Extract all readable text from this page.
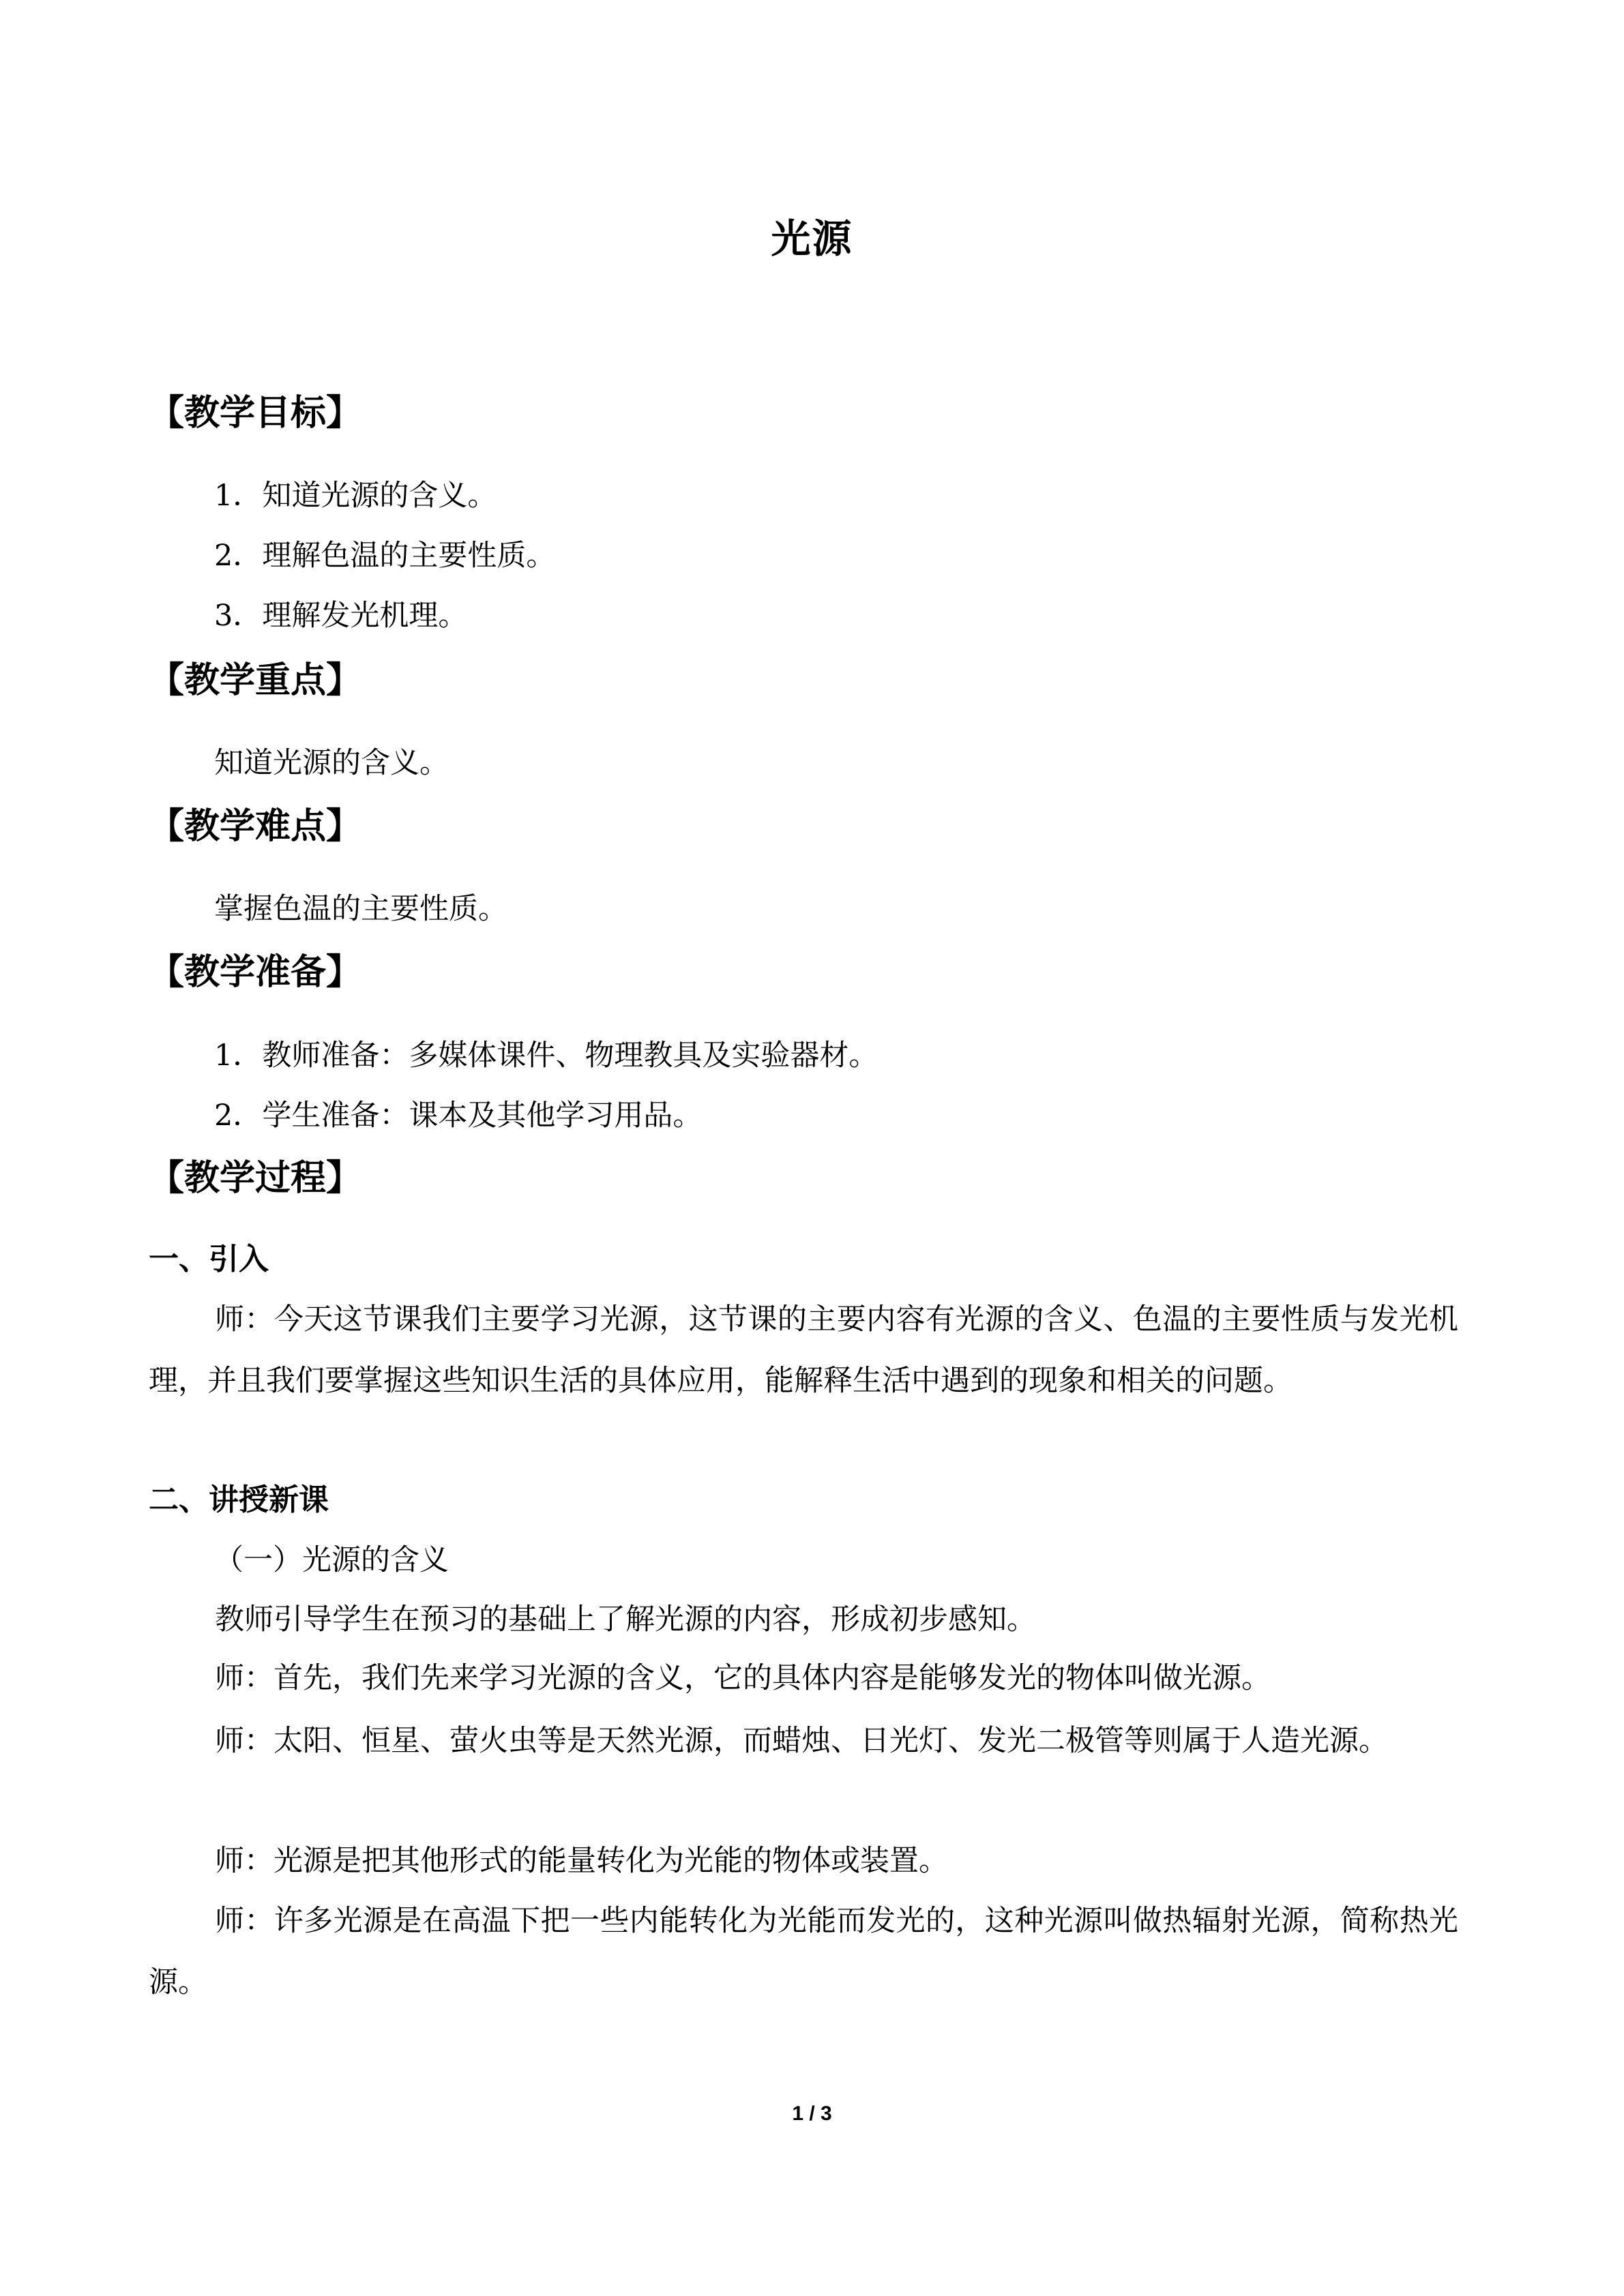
光源
【教学目标】
1．知道光源的含义。
2．理解色温的主要性质。
3．理解发光机理。
【教学重点】
知道光源的含义。
【教学难点】
掌握色温的主要性质。
【教学准备】
1．教师准备：多媒体课件、物理教具及实验器材。
2．学生准备：课本及其他学习用品。
【教学过程】
一、引入
师：今天这节课我们主要学习光源，这节课的主要内容有光源的含义、色温的主要性质与发光机理，并且我们要掌握这些知识生活的具体应用，能解释生活中遇到的现象和相关的问题。
二、讲授新课
（一）光源的含义
教师引导学生在预习的基础上了解光源的内容，形成初步感知。
师：首先，我们先来学习光源的含义，它的具体内容是能够发光的物体叫做光源。
师：太阳、恒星、萤火虫等是天然光源，而蜡烛、日光灯、发光二极管等则属于人造光源。
师：光源是把其他形式的能量转化为光能的物体或装置。
师：许多光源是在高温下把一些内能转化为光能而发光的，这种光源叫做热辐射光源，简称热光源。
1 / 3
